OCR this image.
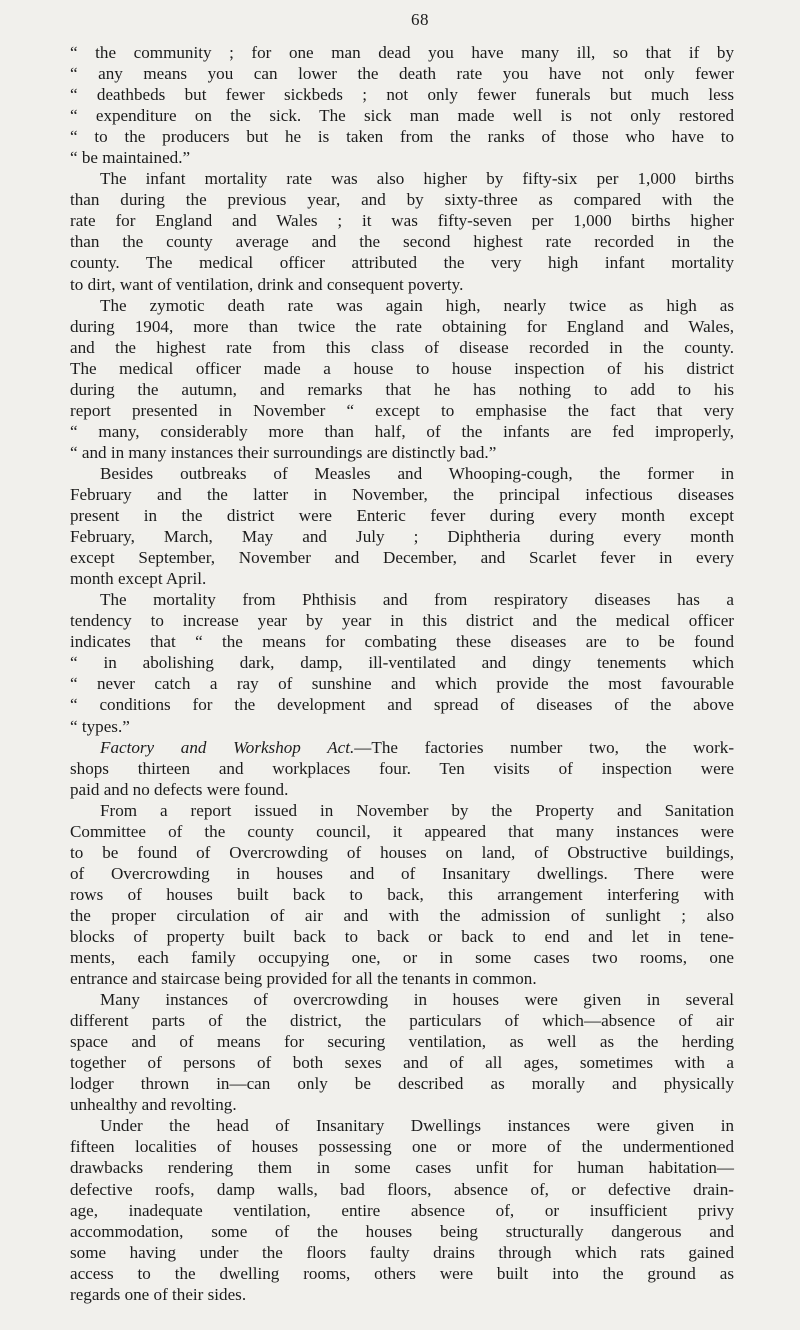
68
“ the community ; for one man dead you have many ill, so that if by
“ any means you can lower the death rate you have not only fewer
“ deathbeds but fewer sickbeds ; not only fewer funerals but much less
“ expenditure on the sick. The sick man made well is not only restored
“ to the producers but he is taken from the ranks of those who have to
“ be maintained.”
The infant mortality rate was also higher by fifty-six per 1,000 births
than during the previous year, and by sixty-three as compared with the
rate for England and Wales ; it was fifty-seven per 1,000 births higher
than the county average and the second highest rate recorded in the
county. The medical officer attributed the very high infant mortality
to dirt, want of ventilation, drink and consequent poverty.
The zymotic death rate was again high, nearly twice as high as
during 1904, more than twice the rate obtaining for England and Wales,
and the highest rate from this class of disease recorded in the county.
The medical officer made a house to house inspection of his district
during the autumn, and remarks that he has nothing to add to his
report presented in November “ except to emphasise the fact that very
“ many, considerably more than half, of the infants are fed improperly,
“ and in many instances their surroundings are distinctly bad.”
Besides outbreaks of Measles and Whooping-cough, the former in
February and the latter in November, the principal infectious diseases
present in the district were Enteric fever during every month except
February, March, May and July ; Diphtheria during every month
except September, November and December, and Scarlet fever in every
month except April.
The mortality from Phthisis and from respiratory diseases has a
tendency to increase year by year in this district and the medical officer
indicates that “ the means for combating these diseases are to be found
“ in abolishing dark, damp, ill-ventilated and dingy tenements which
“ never catch a ray of sunshine and which provide the most favourable
“ conditions for the development and spread of diseases of the above
“ types.”
Factory and Workshop Act.—The factories number two, the work-
shops thirteen and workplaces four. Ten visits of inspection were
paid and no defects were found.
From a report issued in November by the Property and Sanitation
Committee of the county council, it appeared that many instances were
to be found of Overcrowding of houses on land, of Obstructive buildings,
of Overcrowding in houses and of Insanitary dwellings. There were
rows of houses built back to back, this arrangement interfering with
the proper circulation of air and with the admission of sunlight ; also
blocks of property built back to back or back to end and let in tene-
ments, each family occupying one, or in some cases two rooms, one
entrance and staircase being provided for all the tenants in common.
Many instances of overcrowding in houses were given in several
different parts of the district, the particulars of which—absence of air
space and of means for securing ventilation, as well as the herding
together of persons of both sexes and of all ages, sometimes with a
lodger thrown in—can only be described as morally and physically
unhealthy and revolting.
Under the head of Insanitary Dwellings instances were given in
fifteen localities of houses possessing one or more of the undermentioned
drawbacks rendering them in some cases unfit for human habitation—
defective roofs, damp walls, bad floors, absence of, or defective drain-
age, inadequate ventilation, entire absence of, or insufficient privy
accommodation, some of the houses being structurally dangerous and
some having under the floors faulty drains through which rats gained
access to the dwelling rooms, others were built into the ground as
regards one of their sides.
